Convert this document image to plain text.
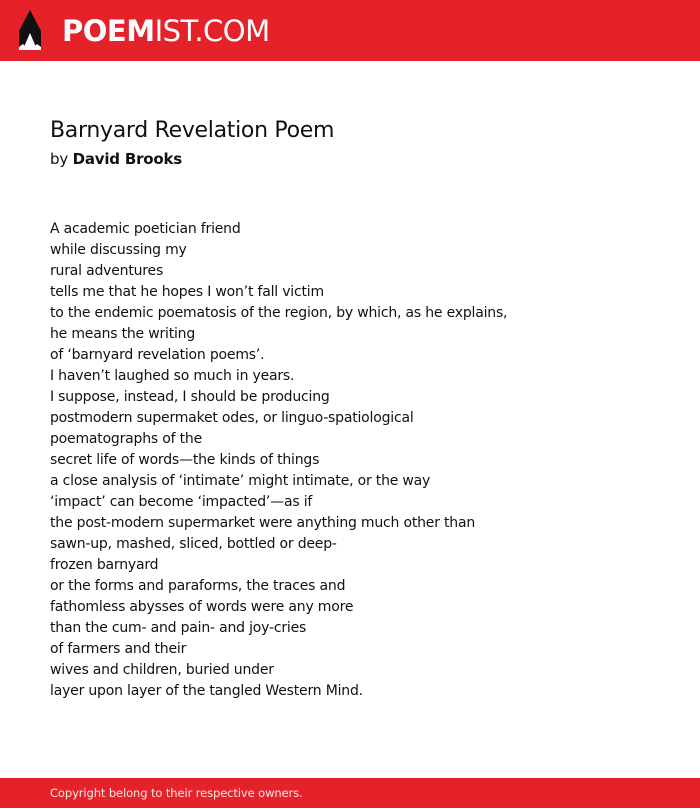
POEMIST.COM
Barnyard Revelation Poem
by David Brooks
A academic poetician friend
while discussing my
rural adventures
tells me that he hopes I won’t fall victim
to the endemic poematosis of the region, by which, as he explains,
he means the writing
of ‘barnyard revelation poems’.
I haven’t laughed so much in years.
I suppose, instead, I should be producing
postmodern supermaket odes, or linguo-spatiological
poematographs of the
secret life of words—the kinds of things
a close analysis of ‘intimate’ might intimate, or the way
‘impact’ can become ‘impacted’—as if
the post-modern supermarket were anything much other than
sawn-up, mashed, sliced, bottled or deep-
frozen barnyard
or the forms and paraforms, the traces and
fathomless abysses of words were any more
than the cum- and pain- and joy-cries
of farmers and their
wives and children, buried under
layer upon layer of the tangled Western Mind.
Copyright belong to their respective owners.
